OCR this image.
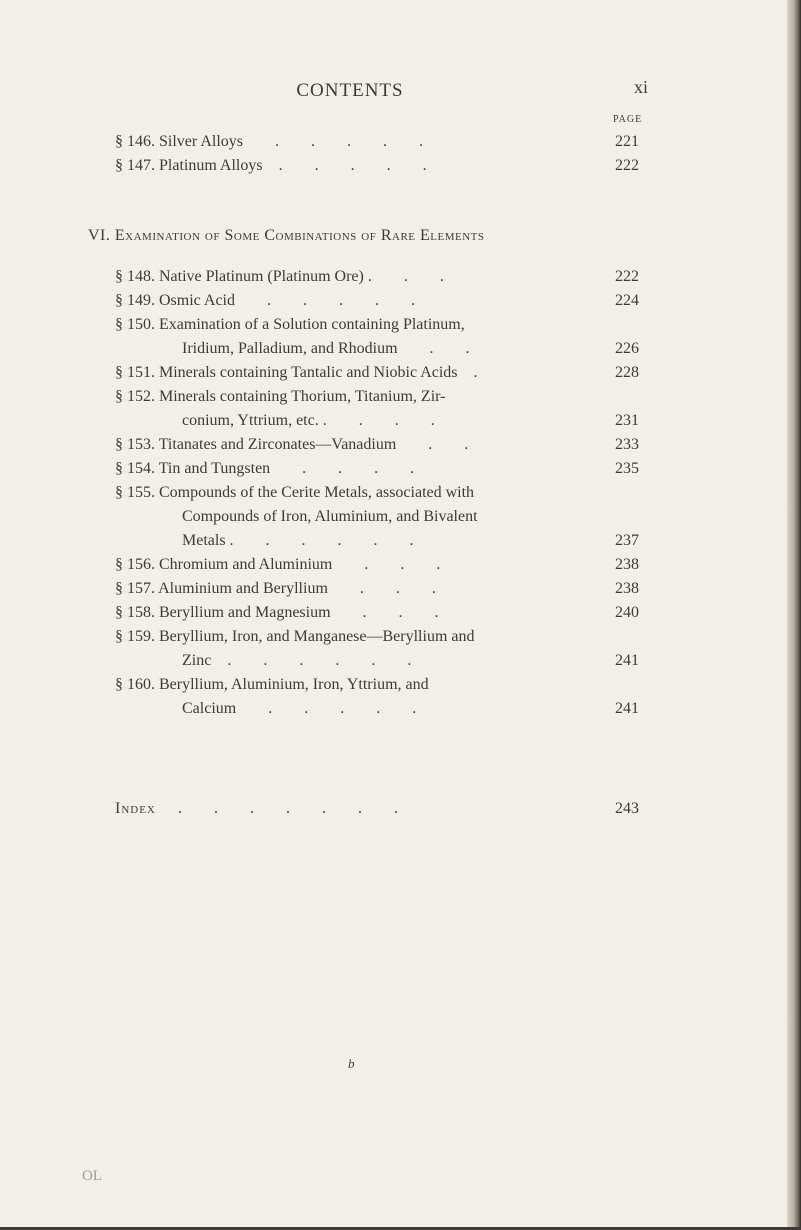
CONTENTS	xi
PAGE
§ 146. Silver Alloys  .  .  .  .  .	221
§ 147. Platinum Alloys .  .  .  .  .	222
VI. Examination of Some Combinations of Rare Elements
§ 148. Native Platinum (Platinum Ore) .  .  .	222
§ 149. Osmic Acid  .  .  .  .  .	224
§ 150. Examination of a Solution containing Platinum,
Iridium, Palladium, and Rhodium  .  .	226
§ 151. Minerals containing Tantalic and Niobic Acids .	228
§ 152. Minerals containing Thorium, Titanium, Zir-
conium, Yttrium, etc. .  .  .  .	231
§ 153. Titanates and Zirconates—Vanadium  .  .	233
§ 154. Tin and Tungsten  .  .  .  .	235
§ 155. Compounds of the Cerite Metals, associated with
Compounds of Iron, Aluminium, and Bivalent
Metals .  .  .  .  .  .	237
§ 156. Chromium and Aluminium  .  .  .	238
§ 157. Aluminium and Beryllium  .  .  .	238
§ 158. Beryllium and Magnesium  .  .  .	240
§ 159. Beryllium, Iron, and Manganese—Beryllium and
Zinc .  .  .  .  .  .	241
§ 160. Beryllium, Aluminium, Iron, Yttrium, and
Calcium  .  .  .  .  .	241
Index .  .  .  .  .  .  .	243
b
OL
